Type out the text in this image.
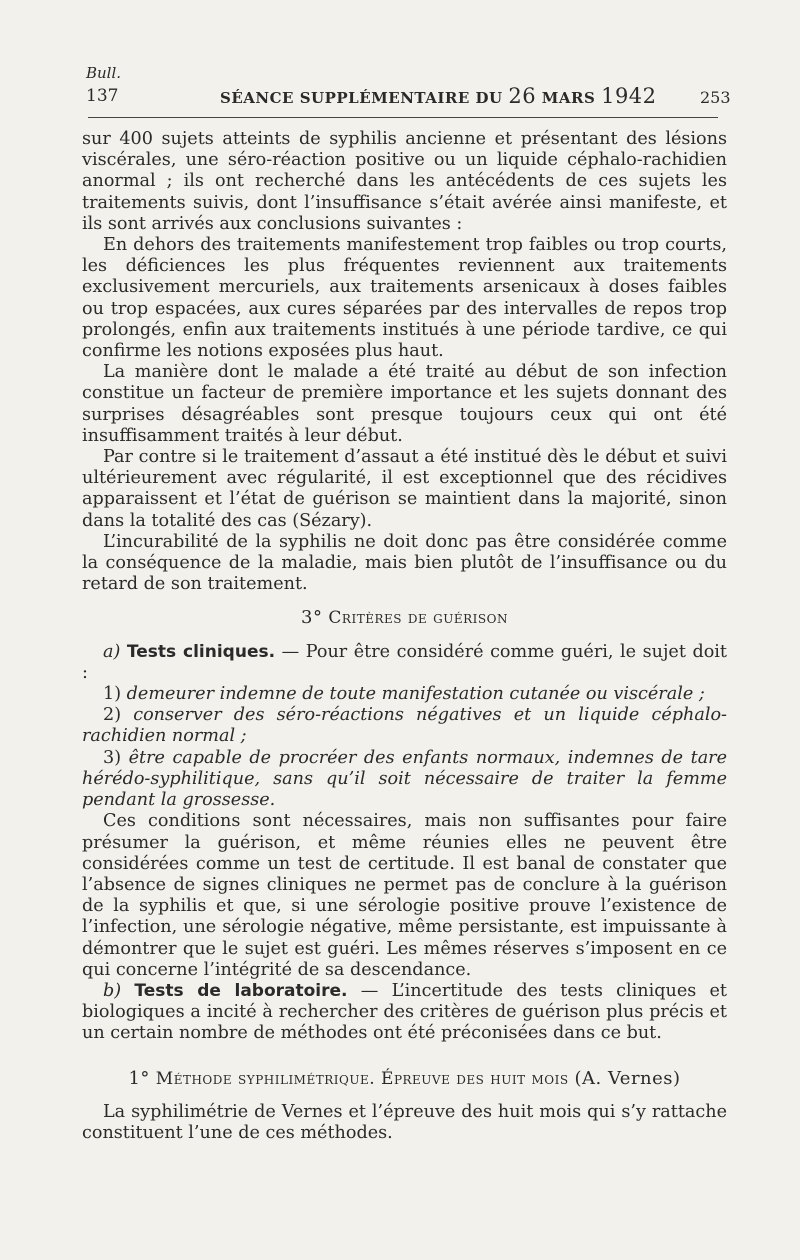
Bull.
137	SÉANCE SUPPLÉMENTAIRE DU 26 MARS 1942	253

sur 400 sujets atteints de syphilis ancienne et présentant des lésions viscérales, une séro-réaction positive ou un liquide céphalo-rachidien anormal ; ils ont recherché dans les antécédents de ces sujets les traitements suivis, dont l’insuffisance s’était avérée ainsi manifeste, et ils sont arrivés aux conclusions suivantes :

En dehors des traitements manifestement trop faibles ou trop courts, les déficiences les plus fréquentes reviennent aux traitements exclusivement mercuriels, aux traitements arsenicaux à doses faibles ou trop espacées, aux cures séparées par des intervalles de repos trop prolongés, enfin aux traitements institués à une période tardive, ce qui confirme les notions exposées plus haut.

La manière dont le malade a été traité au début de son infection constitue un facteur de première importance et les sujets donnant des surprises désagréables sont presque toujours ceux qui ont été insuffisamment traités à leur début.

Par contre si le traitement d’assaut a été institué dès le début et suivi ultérieurement avec régularité, il est exceptionnel que des récidives apparaissent et l’état de guérison se maintient dans la majorité, sinon dans la totalité des cas (Sézary).

L’incurabilité de la syphilis ne doit donc pas être considérée comme la conséquence de la maladie, mais bien plutôt de l’insuffisance ou du retard de son traitement.

3° Critères de guérison

a) Tests cliniques. — Pour être considéré comme guéri, le sujet doit :

1) demeurer indemne de toute manifestation cutanée ou viscérale ;

2) conserver des séro-réactions négatives et un liquide céphalo-rachidien normal ;

3) être capable de procréer des enfants normaux, indemnes de tare hérédo-syphilitique, sans qu’il soit nécessaire de traiter la femme pendant la grossesse.

Ces conditions sont nécessaires, mais non suffisantes pour faire présumer la guérison, et même réunies elles ne peuvent être considérées comme un test de certitude. Il est banal de constater que l’absence de signes cliniques ne permet pas de conclure à la guérison de la syphilis et que, si une sérologie positive prouve l’existence de l’infection, une sérologie négative, même persistante, est impuissante à démontrer que le sujet est guéri. Les mêmes réserves s’imposent en ce qui concerne l’intégrité de sa descendance.

b) Tests de laboratoire. — L’incertitude des tests cliniques et biologiques a incité à rechercher des critères de guérison plus précis et un certain nombre de méthodes ont été préconisées dans ce but.

1° Méthode syphilimétrique. Épreuve des huit mois (A. Vernes)

La syphilimétrie de Vernes et l’épreuve des huit mois qui s’y rattache constituent l’une de ces méthodes.
